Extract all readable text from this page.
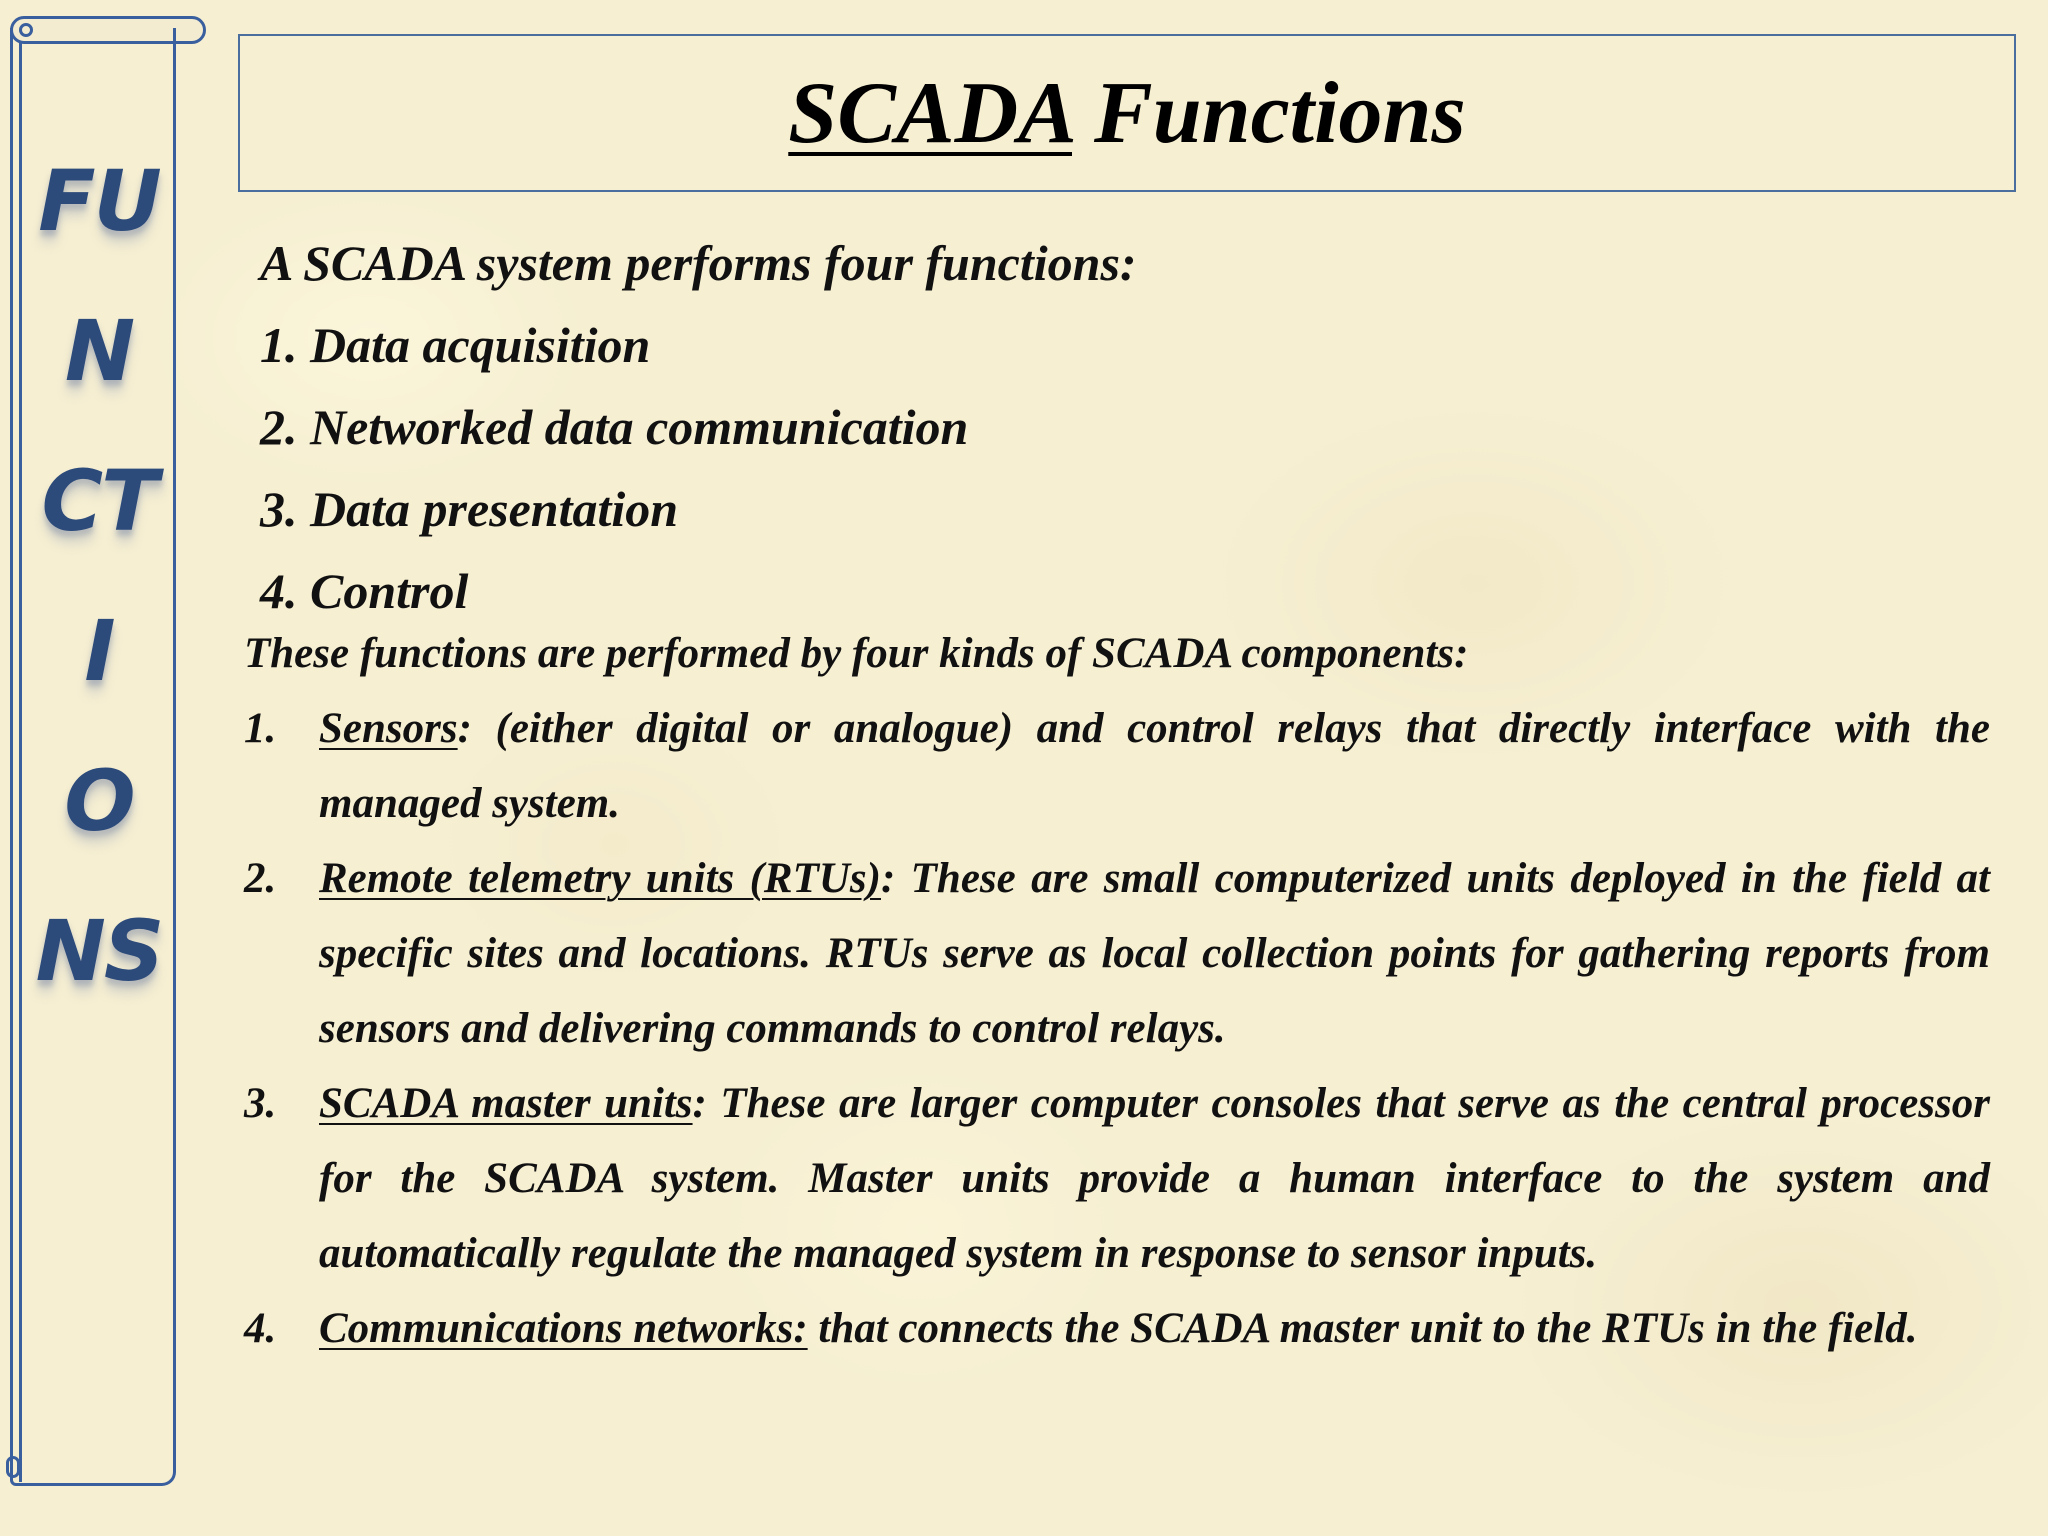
FU
N
CT
I
O
NS
SCADA Functions
A SCADA system performs four functions:
1. Data acquisition
2. Networked data communication
3. Data presentation
4. Control
These functions are performed by four kinds of SCADA components:
1. Sensors: (either digital or analogue) and control relays that directly interface with the managed system.
2. Remote telemetry units (RTUs): These are small computerized units deployed in the field at specific sites and locations. RTUs serve as local collection points for gathering reports from sensors and delivering commands to control relays.
3. SCADA master units: These are larger computer consoles that serve as the central processor for the SCADA system. Master units provide a human interface to the system and automatically regulate the managed system in response to sensor inputs.
4. Communications networks: that connects the SCADA master unit to the RTUs in the field.
